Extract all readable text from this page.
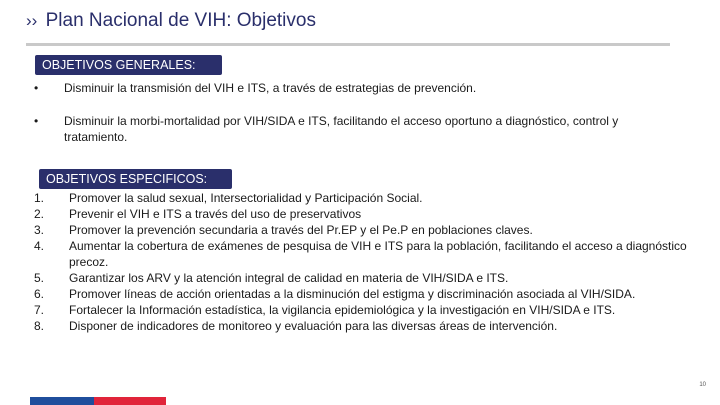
›› Plan Nacional de VIH: Objetivos
OBJETIVOS GENERALES:
• Disminuir la transmisión del VIH e ITS, a través de estrategias de prevención.
• Disminuir la morbi-mortalidad por VIH/SIDA e ITS, facilitando el acceso oportuno a diagnóstico, control y tratamiento.
OBJETIVOS ESPECIFICOS:
1. Promover la salud sexual, Intersectorialidad y Participación Social.
2. Prevenir el VIH e ITS a través del uso de preservativos
3. Promover la prevención secundaria a través del Pr.EP y el Pe.P en poblaciones claves.
4. Aumentar la cobertura de exámenes de pesquisa de VIH e ITS para la población, facilitando el acceso a diagnóstico precoz.
5. Garantizar los ARV y la atención integral de calidad en materia de VIH/SIDA e ITS.
6. Promover líneas de acción orientadas a la disminución del estigma y discriminación asociada al VIH/SIDA.
7. Fortalecer la Información estadística, la vigilancia epidemiológica y la investigación en VIH/SIDA e ITS.
8. Disponer de indicadores de monitoreo y evaluación para las diversas áreas de intervención.
10
